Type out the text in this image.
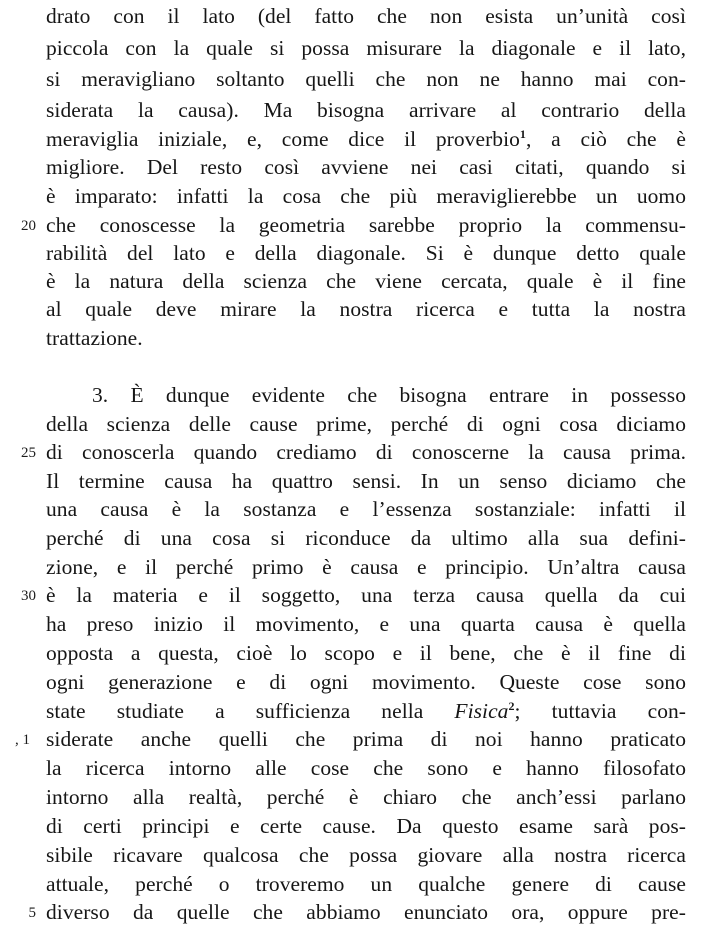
drato con il lato (del fatto che non esista un’unità così
piccola con la quale si possa misurare la diagonale e il lato,
si meravigliano soltanto quelli che non ne hanno mai con-
siderata la causa). Ma bisogna arrivare al contrario della
meraviglia iniziale, e, come dice il proverbio$^1$, a ciò che è
migliore. Del resto così avviene nei casi citati, quando si
è imparato: infatti la cosa che più meraviglierebbe un uomo
20 che conoscesse la geometria sarebbe proprio la commensu-
rabilità del lato e della diagonale. Si è dunque detto quale
è la natura della scienza che viene cercata, quale è il fine
al quale deve mirare la nostra ricerca e tutta la nostra
trattazione.
3. È dunque evidente che bisogna entrare in possesso
della scienza delle cause prime, perché di ogni cosa diciamo
25 di conoscerla quando crediamo di conoscerne la causa prima.
Il termine causa ha quattro sensi. In un senso diciamo che
una causa è la sostanza e l’essenza sostanziale: infatti il
perché di una cosa si riconduce da ultimo alla sua defini-
zione, e il perché primo è causa e principio. Un’altra causa
30 è la materia e il soggetto, una terza causa quella da cui
ha preso inizio il movimento, e una quarta causa è quella
opposta a questa, cioè lo scopo e il bene, che è il fine di
ogni generazione e di ogni movimento. Queste cose sono
state studiate a sufficienza nella Fisica$^2$; tuttavia con-
, 1 siderate anche quelli che prima di noi hanno praticato
la ricerca intorno alle cose che sono e hanno filosofato
intorno alla realtà, perché è chiaro che anch’essi parlano
di certi principi e certe cause. Da questo esame sarà pos-
sibile ricavare qualcosa che possa giovare alla nostra ricerca
attuale, perché o troveremo un qualche genere di cause
5 diverso da quelle che abbiamo enunciato ora, oppure pre-
